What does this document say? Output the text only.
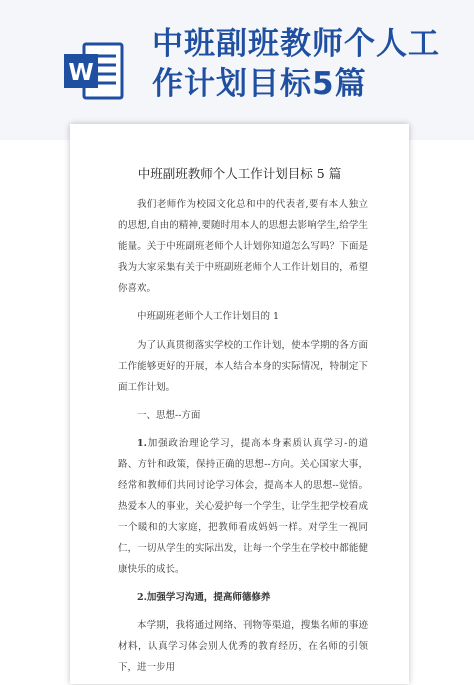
W
中班副班教师个人工作计划目标5篇
中班副班教师个人工作计划目标 5 篇

我们老师作为校园文化总和中的代表者,要有本人独立的思想,自由的精神,要随时用本人的思想去影响学生,给学生能量。关于中班副班老师个人计划你知道怎么写吗？下面是我为大家采集有关于中班副班老师个人工作计划目的，希望你喜欢。

中班副班老师个人工作计划目的 1

为了认真贯彻落实学校的工作计划，使本学期的各方面工作能够更好的开展，本人结合本身的实际情况，特制定下面工作计划。

一、思想--方面

1.加强政治理论学习，提高本身素质认真学习-的道路、方针和政策，保持正确的思想--方向。关心国家大事，经常和教师们共同讨论学习体会，提高本人的思想--觉悟。热爱本人的事业，关心爱护每一个学生，让学生把学校看成一个暖和的大家庭，把教师看成妈妈一样。对学生一视同仁，一切从学生的实际出发，让每一个学生在学校中都能健康快乐的成长。

2.加强学习沟通，提高师德修养

本学期，我将通过网络、刊物等渠道，搜集名师的事迹材料，认真学习体会别人优秀的教育经历，在名师的引领下，进一步用
